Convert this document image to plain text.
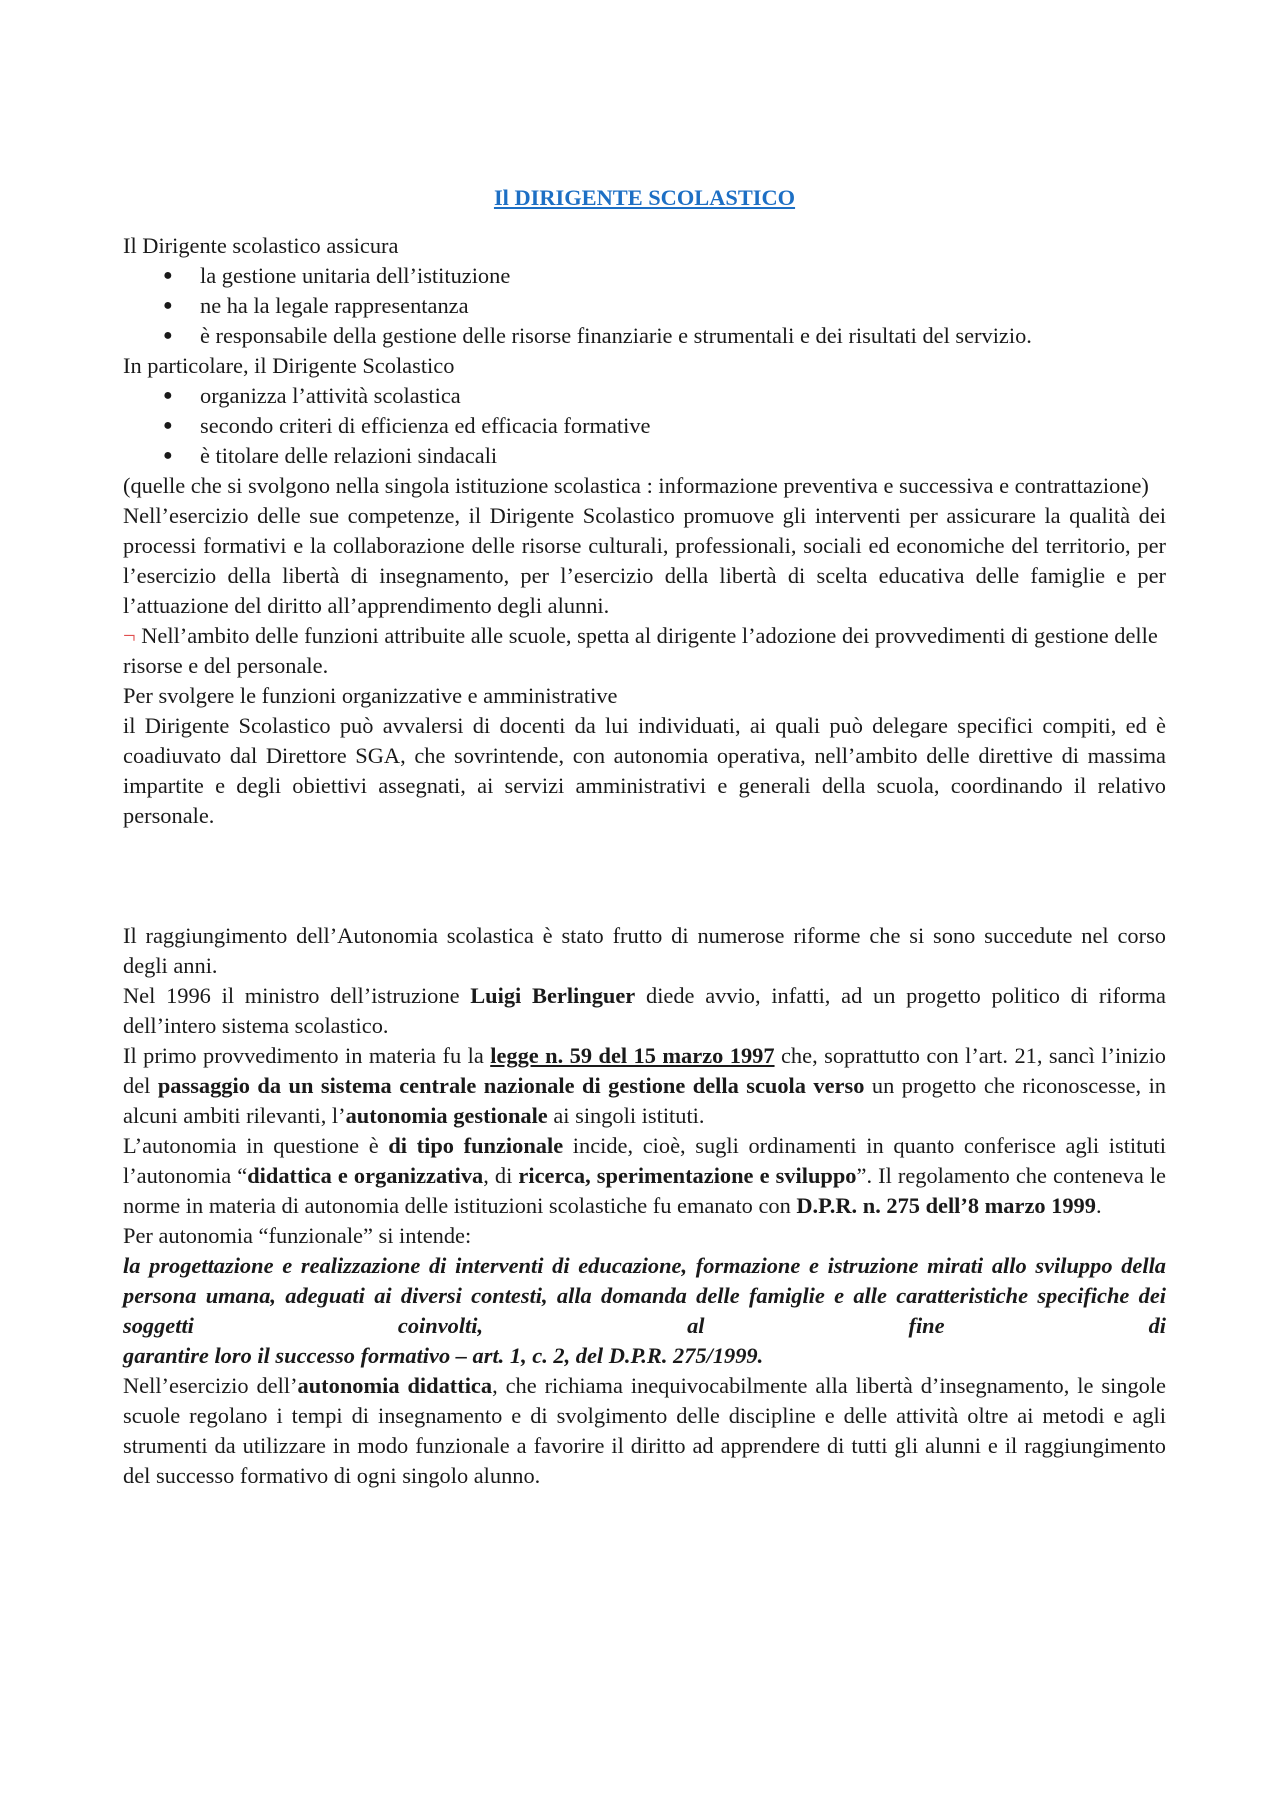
Il DIRIGENTE SCOLASTICO

Il Dirigente scolastico assicura

● la gestione unitaria dell’istituzione
● ne ha la legale rappresentanza
● è responsabile della gestione delle risorse finanziarie e strumentali e dei risultati del servizio.

In particolare, il Dirigente Scolastico

● organizza l’attività scolastica
● secondo criteri di efficienza ed efficacia formative
● è titolare delle relazioni sindacali

(quelle che si svolgono nella singola istituzione scolastica : informazione preventiva e successiva e contrattazione)

Nell’esercizio delle sue competenze, il Dirigente Scolastico promuove gli interventi per assicurare la qualità dei processi formativi e la collaborazione delle risorse culturali, professionali, sociali ed economiche del territorio, per l’esercizio della libertà di insegnamento, per l’esercizio della libertà di scelta educativa delle famiglie e per l’attuazione del diritto all’apprendimento degli alunni.

¬ Nell’ambito delle funzioni attribuite alle scuole, spetta al dirigente l’adozione dei provvedimenti di gestione delle risorse e del personale.

Per svolgere le funzioni organizzative e amministrative

il Dirigente Scolastico può avvalersi di docenti da lui individuati, ai quali può delegare specifici compiti, ed è coadiuvato dal Direttore SGA, che sovrintende, con autonomia operativa, nell’ambito delle direttive di massima impartite e degli obiettivi assegnati, ai servizi amministrativi e generali della scuola, coordinando il relativo personale.

Il raggiungimento dell’Autonomia scolastica è stato frutto di numerose riforme che si sono succedute nel corso degli anni.

Nel 1996 il ministro dell’istruzione Luigi Berlinguer diede avvio, infatti, ad un progetto politico di riforma dell’intero sistema scolastico.

Il primo provvedimento in materia fu la legge n. 59 del 15 marzo 1997 che, soprattutto con l’art. 21, sancì l’inizio del passaggio da un sistema centrale nazionale di gestione della scuola verso un progetto che riconoscesse, in alcuni ambiti rilevanti, l’autonomia gestionale ai singoli istituti.

L’autonomia in questione è di tipo funzionale incide, cioè, sugli ordinamenti in quanto conferisce agli istituti l’autonomia “didattica e organizzativa, di ricerca, sperimentazione e sviluppo”. Il regolamento che conteneva le norme in materia di autonomia delle istituzioni scolastiche fu emanato con D.P.R. n. 275 dell’8 marzo 1999.

Per autonomia “funzionale” si intende:

la progettazione e realizzazione di interventi di educazione, formazione e istruzione mirati allo sviluppo della persona umana, adeguati ai diversi contesti, alla domanda delle famiglie e alle caratteristiche specifiche dei soggetti coinvolti, al fine di

garantire loro il successo formativo – art. 1, c. 2, del D.P.R. 275/1999.

Nell’esercizio dell’autonomia didattica, che richiama inequivocabilmente alla libertà d’insegnamento, le singole scuole regolano i tempi di insegnamento e di svolgimento delle discipline e delle attività oltre ai metodi e agli strumenti da utilizzare in modo funzionale a favorire il diritto ad apprendere di tutti gli alunni e il raggiungimento del successo formativo di ogni singolo alunno.
